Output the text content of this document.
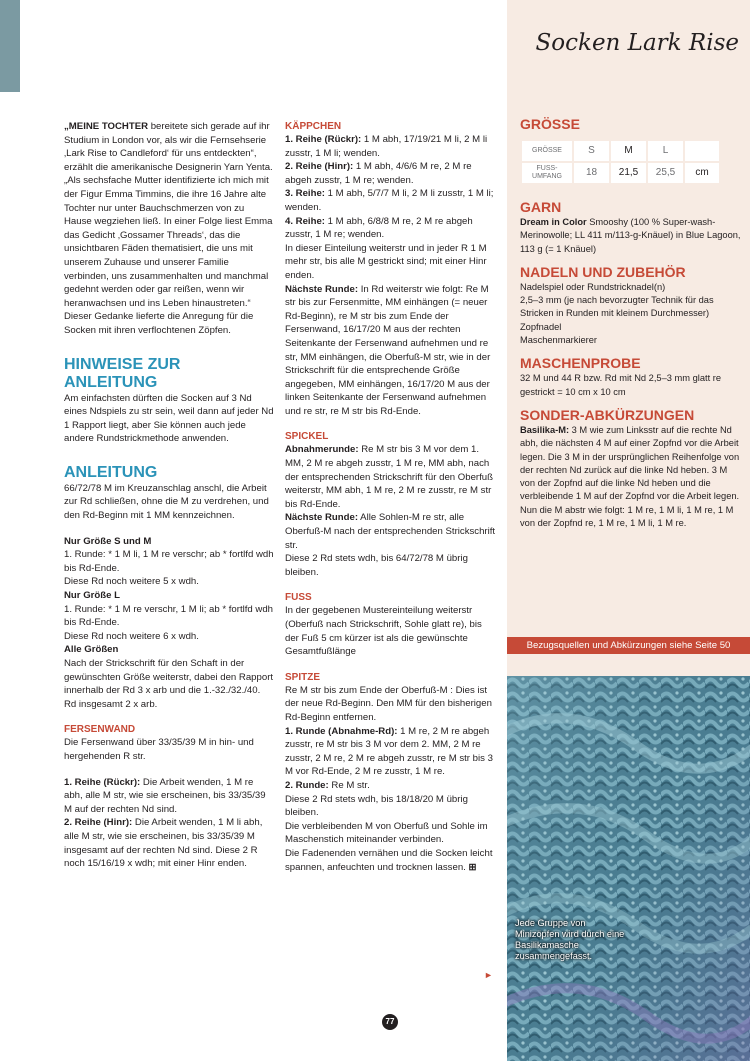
Socken Lark Rise

„MEINE TOCHTER bereitete sich gerade auf ihr Studium in London vor, als wir die Fernsehserie ‚Lark Rise to Candleford‘ für uns entdeckten“, erzählt die amerikanische Designerin Yarn Yenta. „Als sechsfache Mutter identifizierte ich mich mit der Figur Emma Timmins, die ihre 16 Jahre alte Tochter nur unter Bauchschmerzen von zu Hause wegziehen ließ. In einer Folge liest Emma das Gedicht ‚Gossamer Threads‘, das die unsichtbaren Fäden thematisiert, die uns mit unserem Zuhause und unserer Familie verbinden, uns zusammenhalten und manchmal gedehnt werden oder gar reißen, wenn wir heranwachsen und ins Leben hinaustreten.“ Dieser Gedanke lieferte die Anregung für die Socken mit ihren verflochtenen Zöpfen.

HINWEISE ZUR ANLEITUNG

Am einfachsten dürften die Socken auf 3 Nd eines Ndspiels zu str sein, weil dann auf jeder Nd 1 Rapport liegt, aber Sie können auch jede andere Rundstrickmethode anwenden.

ANLEITUNG

66/72/78 M im Kreuzanschlag anschl, die Arbeit zur Rd schließen, ohne die M zu verdrehen, und den Rd-Beginn mit 1 MM kennzeichnen.

Nur Größe S und M

1. Runde: * 1 M li, 1 M re verschr; ab * fortlfd wdh bis Rd-Ende.

Diese Rd noch weitere 5 x wdh.

Nur Größe L

1. Runde: * 1 M re verschr, 1 M li; ab * fortlfd wdh bis Rd-Ende.

Diese Rd noch weitere 6 x wdh.

Alle Größen

Nach der Strickschrift für den Schaft in der gewünschten Größe weiterstr, dabei den Rapport innerhalb der Rd 3 x arb und die 1.-32./32./40. Rd insgesamt 2 x arb.

FERSENWAND

Die Fersenwand über 33/35/39 M in hin- und hergehenden R str.

1. Reihe (Rückr): Die Arbeit wenden, 1 M re abh, alle M str, wie sie erscheinen, bis 33/35/39 M auf der rechten Nd sind.

2. Reihe (Hinr): Die Arbeit wenden, 1 M li abh, alle M str, wie sie erscheinen, bis 33/35/39 M insgesamt auf der rechten Nd sind. Diese 2 R noch 15/16/19 x wdh; mit einer Hinr enden.

KÄPPCHEN

1. Reihe (Rückr): 1 M abh, 17/19/21 M li, 2 M li zusstr, 1 M li; wenden.

2. Reihe (Hinr): 1 M abh, 4/6/6 M re, 2 M re abgeh zusstr, 1 M re; wenden.

3. Reihe: 1 M abh, 5/7/7 M li, 2 M li zusstr, 1 M li; wenden.

4. Reihe: 1 M abh, 6/8/8 M re, 2 M re abgeh zusstr, 1 M re; wenden.

In dieser Einteilung weiterstr und in jeder R 1 M mehr str, bis alle M gestrickt sind; mit einer Hinr enden.

Nächste Runde: In Rd weiterstr wie folgt: Re M str bis zur Fersenmitte, MM einhängen (= neuer Rd-Beginn), re M str bis zum Ende der Fersenwand, 16/17/20 M aus der rechten Seitenkante der Fersenwand aufnehmen und re str, MM einhängen, die Oberfuß-M str, wie in der Strickschrift für die entsprechende Größe angegeben, MM einhängen, 16/17/20 M aus der linken Seitenkante der Fersenwand aufnehmen und re str, re M str bis Rd-Ende.

SPICKEL

Abnahmerunde: Re M str bis 3 M vor dem 1. MM, 2 M re abgeh zusstr, 1 M re, MM abh, nach der entsprechenden Strickschrift für den Oberfuß weiterstr, MM abh, 1 M re, 2 M re zusstr, re M str bis Rd-Ende.

Nächste Runde: Alle Sohlen-M re str, alle Oberfuß-M nach der entsprechenden Strickschrift str.

Diese 2 Rd stets wdh, bis 64/72/78 M übrig bleiben.

FUSS

In der gegebenen Mustereinteilung weiterstr (Oberfuß nach Strickschrift, Sohle glatt re), bis der Fuß 5 cm kürzer ist als die gewünschte Gesamtfußlänge

SPITZE

Re M str bis zum Ende der Oberfuß-M : Dies ist der neue Rd-Beginn. Den MM für den bisherigen Rd-Beginn entfernen.

1. Runde (Abnahme-Rd): 1 M re, 2 M re abgeh zusstr, re M str bis 3 M vor dem 2. MM, 2 M re zusstr, 2 M re, 2 M re abgeh zusstr, re M str bis 3 M vor Rd-Ende, 2 M re zusstr, 1 M re.

2. Runde: Re M str.

Diese 2 Rd stets wdh, bis 18/18/20 M übrig bleiben.

Die verbleibenden M von Oberfuß und Sohle im Maschenstich miteinander verbinden.

Die Fadenenden vernähen und die Socken leicht spannen, anfeuchten und trocknen lassen. ⊞

GRÖSSE

GRÖSSE	S	M	L	
FUSS-UMFANG	18	21,5	25,5	cm

GARN

Dream in Color Smooshy (100 % Super-wash-Merinowolle; LL 411 m/113-g-Knäuel) in Blue Lagoon, 113 g (= 1 Knäuel)

NADELN UND ZUBEHÖR

Nadelspiel oder Rundstricknadel(n)

2,5–3 mm (je nach bevorzugter Technik für das Stricken in Runden mit kleinem Durchmesser)

Zopfnadel

Maschenmarkierer

MASCHENPROBE

32 M und 44 R bzw. Rd mit Nd 2,5–3 mm glatt re gestrickt = 10 cm x 10 cm

SONDER-ABKÜRZUNGEN

Basilika-M: 3 M wie zum Linksstr auf die rechte Nd abh, die nächsten 4 M auf einer Zopfnd vor die Arbeit legen. Die 3 M in der ursprünglichen Reihenfolge von der rechten Nd zurück auf die linke Nd heben. 3 M von der Zopfnd auf die linke Nd heben und die verbleibende 1 M auf der Zopfnd vor die Arbeit legen. Nun die M abstr wie folgt: 1 M re, 1 M li, 1 M re, 1 M von der Zopfnd re, 1 M re, 1 M li, 1 M re.

Bezugsquellen und Abkürzungen siehe Seite 50
Jede Gruppe von Minizöpfen wird durch eine Basilikamasche zusammengefasst.
►
77
